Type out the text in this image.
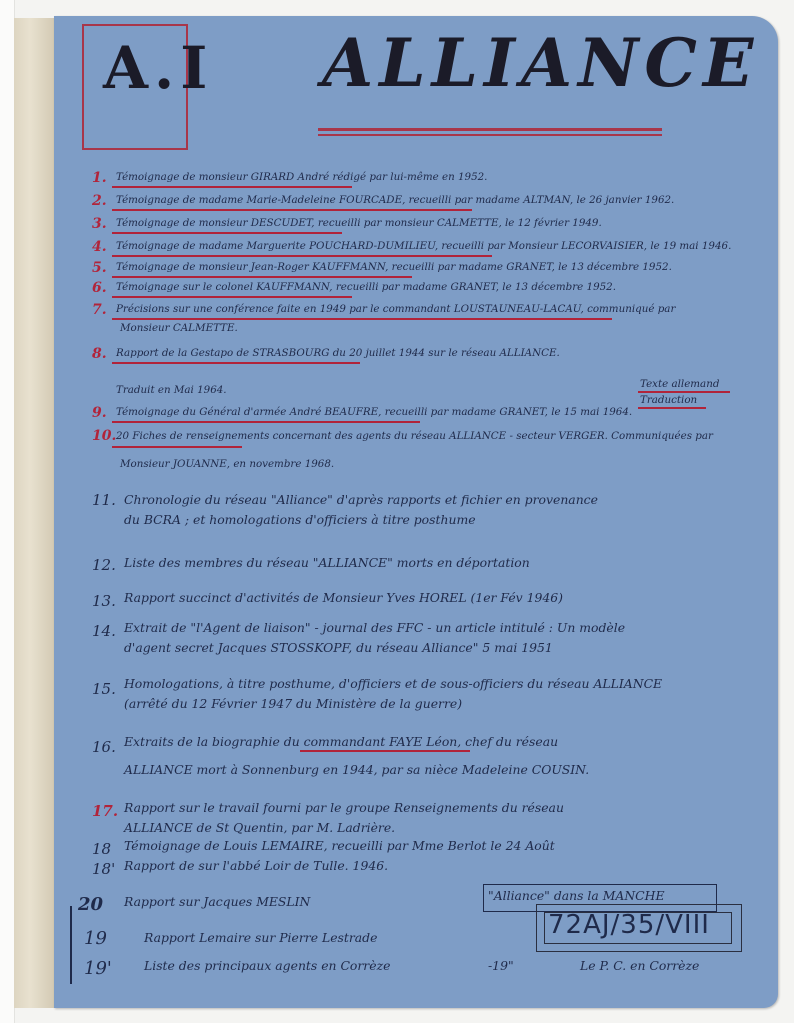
A.I ALLIANCE
1. Témoignage de monsieur GIRARD André rédigé par lui-même en 1952.
2. Témoignage de madame Marie-Madeleine FOURCADE, recueilli par madame ALTMAN, le 26 janvier 1962.
3. Témoignage de monsieur DESCUDET, recueilli par monsieur CALMETTE, le 12 février 1949.
4. Témoignage de madame Marguerite POUCHARD-DUMILIEU, recueilli par Monsieur LECORVAISIER, le 19 mai 1946.
5. Témoignage de monsieur Jean-Roger KAUFFMANN, recueilli par madame GRANET, le 13 décembre 1952.
6. Témoignage sur le colonel KAUFFMANN, recueilli par madame GRANET, le 13 décembre 1952.
7. Précisions sur une conférence faite en 1949 par le commandant LOUSTAUNEAU-LACAU, communiqué par
Monsieur CALMETTE.
8. Rapport de la Gestapo de STRASBOURG du 20 juillet 1944 sur le réseau ALLIANCE.
Traduit en Mai 1964.	Texte allemand
Traduction
9. Témoignage du Général d'armée André BEAUFRE, recueilli par madame GRANET, le 15 mai 1964.
10. 20 Fiches de renseignements concernant des agents du réseau ALLIANCE - secteur VERGER. Communiquées par
Monsieur JOUANNE, en novembre 1968.
11. Chronologie du réseau "Alliance" d'après rapports et fichier en provenance
du BCRA ; et homologations d'officiers à titre posthume
12. Liste des membres du réseau "ALLIANCE" morts en déportation
13. Rapport succinct d'activités de Monsieur Yves HOREL (1er Fév 1946)
14. Extrait de "l'Agent de liaison" - journal des FFC - un article intitulé : Un modèle
d'agent secret Jacques STOSSKOPF, du réseau Alliance" 5 mai 1951
15. Homologations, à titre posthume, d'officiers et de sous-officiers du réseau ALLIANCE
(arrêté du 12 Février 1947 du Ministère de la guerre)
16. Extraits de la biographie du commandant FAYE Léon, chef du réseau
ALLIANCE mort à Sonnenburg en 1944, par sa nièce Madeleine COUSIN.
17. Rapport sur le travail fourni par le groupe Renseignements du réseau
ALLIANCE de St Quentin, par M. Ladrière.
18 Témoignage de Louis LEMAIRE, recueilli par Mme Berlot le 24 Août
18' Rapport de sur l'abbé Loir de Tulle. 1946.
20 Rapport sur Jacques MESLIN	"Alliance" dans la MANCHE
19	Rapport Lemaire sur Pierre Lestrade
19'	Liste des principaux agents en Corrèze	-19"	Le P. C. en Corrèze
72AJ/35/VIII
